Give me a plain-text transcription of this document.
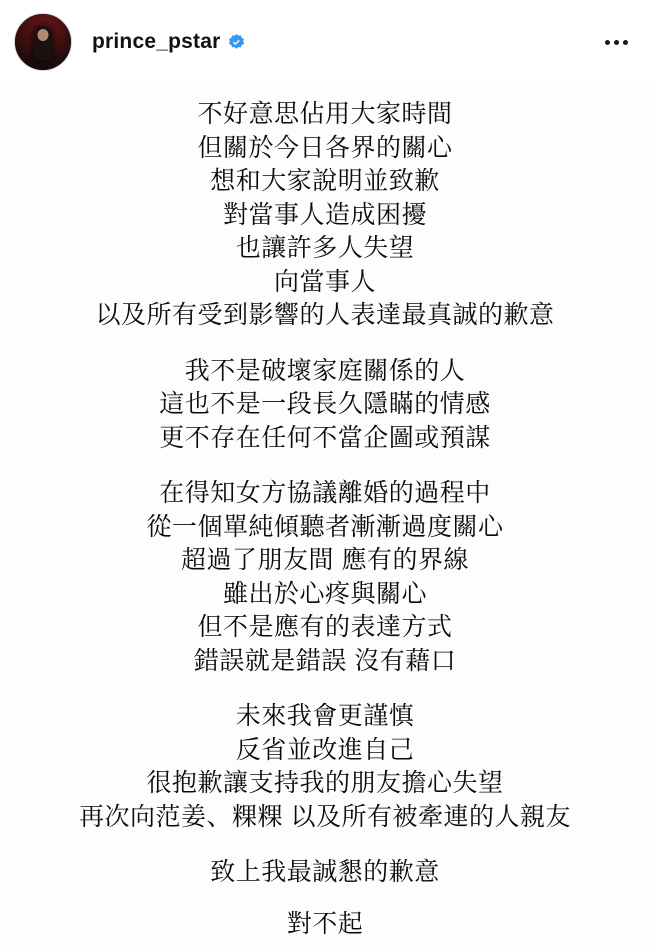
prince_pstar
不好意思佔用大家時間
但關於今日各界的關心
想和大家說明並致歉
對當事人造成困擾
也讓許多人失望
向當事人
以及所有受到影響的人表達最真誠的歉意
我不是破壞家庭關係的人
這也不是一段長久隱瞞的情感
更不存在任何不當企圖或預謀
在得知女方協議離婚的過程中
從一個單純傾聽者漸漸過度關心
超過了朋友間 應有的界線
雖出於心疼與關心
但不是應有的表達方式
錯誤就是錯誤 沒有藉口
未來我會更謹慎
反省並改進自己
很抱歉讓支持我的朋友擔心失望
再次向范姜、粿粿 以及所有被牽連的人親友
致上我最誠懇的歉意
對不起
